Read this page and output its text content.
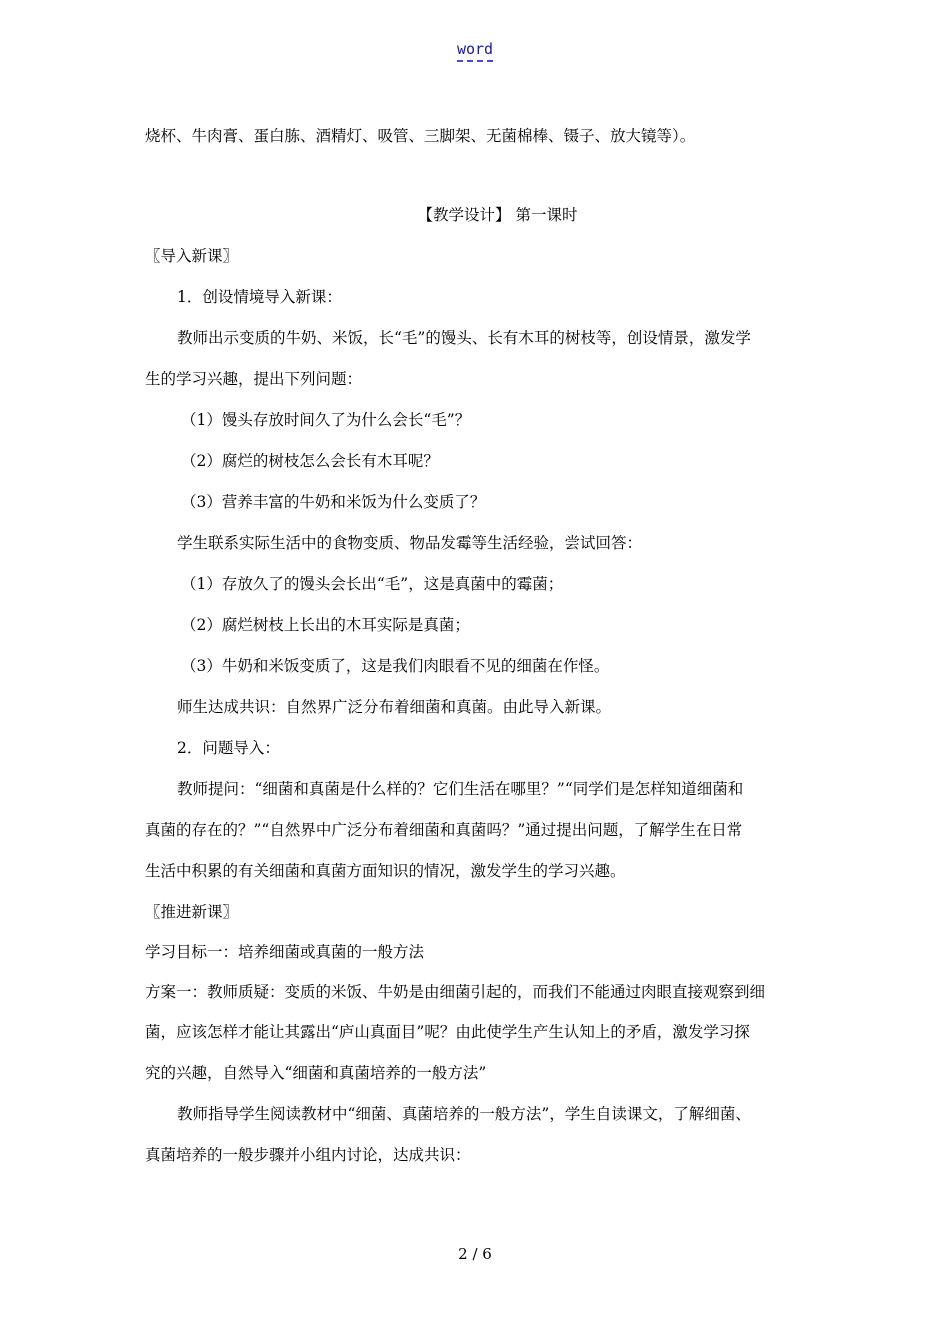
word

烧杯、牛肉膏、蛋白胨、酒精灯、吸管、三脚架、无菌棉棒、镊子、放大镜等）。

【教学设计】 第一课时

〖导入新课〗

1．创设情境导入新课：

教师出示变质的牛奶、米饭，长“毛”的馒头、长有木耳的树枝等，创设情景，激发学

生的学习兴趣，提出下列问题：

（1）馒头存放时间久了为什么会长“毛”？

（2）腐烂的树枝怎么会长有木耳呢？

（3）营养丰富的牛奶和米饭为什么变质了？

学生联系实际生活中的食物变质、物品发霉等生活经验，尝试回答：

（1）存放久了的馒头会长出“毛”，这是真菌中的霉菌；

（2）腐烂树枝上长出的木耳实际是真菌；

（3）牛奶和米饭变质了，这是我们肉眼看不见的细菌在作怪。

师生达成共识：自然界广泛分布着细菌和真菌。由此导入新课。

2．问题导入：

教师提问：“细菌和真菌是什么样的？它们生活在哪里？”“同学们是怎样知道细菌和

真菌的存在的？”“自然界中广泛分布着细菌和真菌吗？”通过提出问题，了解学生在日常

生活中积累的有关细菌和真菌方面知识的情况，激发学生的学习兴趣。

〖推进新课〗

学习目标一：培养细菌或真菌的一般方法

方案一：教师质疑：变质的米饭、牛奶是由细菌引起的，而我们不能通过肉眼直接观察到细

菌，应该怎样才能让其露出“庐山真面目”呢？由此使学生产生认知上的矛盾，激发学习探

究的兴趣，自然导入“细菌和真菌培养的一般方法”

教师指导学生阅读教材中“细菌、真菌培养的一般方法”，学生自读课文，了解细菌、

真菌培养的一般步骤并小组内讨论，达成共识：

2 / 6
